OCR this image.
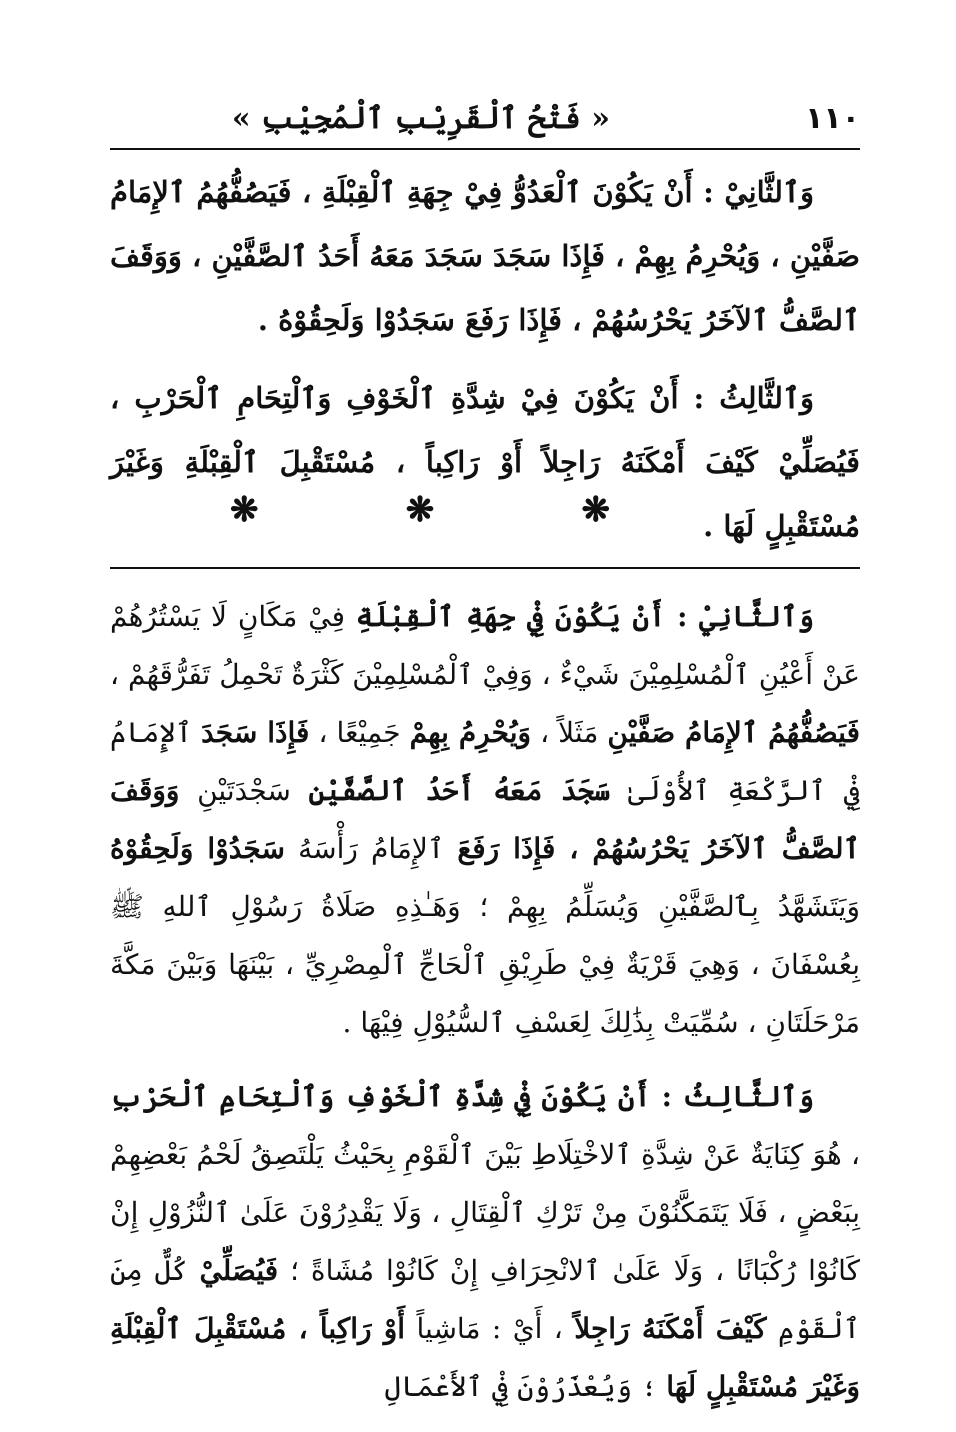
١١٠
« فَتْحُ ٱلْقَرِيْبِ ٱلْمُجِيْبِ »

وَٱلثَّانِيْ : أَنْ يَكُوْنَ ٱلْعَدُوُّ فِيْ جِهَةِ ٱلْقِبْلَةِ ، فَيَصُفُّهُمُ ٱلإِمَامُ صَفَّيْنِ ، وَيُحْرِمُ بِهِمْ ، فَإِذَا سَجَدَ سَجَدَ مَعَهُ أَحَدُ ٱلصَّفَّيْنِ ، وَوَقَفَ ٱلصَّفُّ ٱلآخَرُ يَحْرُسُهُمْ ، فَإِذَا رَفَعَ سَجَدُوْا وَلَحِقُوْهُ .

وَٱلثَّالِثُ : أَنْ يَكُوْنَ فِيْ شِدَّةِ ٱلْخَوْفِ وَٱلْتِحَامِ ٱلْحَرْبِ ، فَيُصَلِّيْ كَيْفَ أَمْكَنَهُ رَاجِلاً أَوْ رَاكِباً ، مُسْتَقْبِلَ ٱلْقِبْلَةِ وَغَيْرَ مُسْتَقْبِلٍ لَهَا .

❋	❋	❋

وَٱلثَّانِيْ : أَنْ يَكُوْنَ فِيْ جِهَةِ ٱلْقِبْلَةِ فِيْ مَكَانٍ لَا يَسْتُرُهُمْ عَنْ أَعْيُنِ ٱلْمُسْلِمِيْنَ شَيْءٌ ، وَفِيْ ٱلْمُسْلِمِيْنَ كَثْرَةٌ تَحْمِلُ تَفَرُّقَهُمْ ، فَيَصُفُّهُمُ ٱلإِمَامُ صَفَّيْنِ مَثَلاً ، وَيُحْرِمُ بِهِمْ جَمِيْعًا ، فَإِذَا سَجَدَ ٱلإِمَامُ فِيْ ٱلرَّكْعَةِ ٱلأُوْلَىٰ سَجَدَ مَعَهُ أَحَدُ ٱلصَّفَّيْنِ سَجْدَتَيْنِ وَوَقَفَ ٱلصَّفُّ ٱلآخَرُ يَحْرُسُهُمْ ، فَإِذَا رَفَعَ ٱلإِمَامُ رَأْسَهُ سَجَدُوْا وَلَحِقُوْهُ وَيَتَشَهَّدُ بِٱلصَّفَّيْنِ وَيُسَلِّمُ بِهِمْ ؛ وَهَـٰذِهِ صَلَاةُ رَسُوْلِ ٱللهِ ﷺ بِعُسْفَانَ ، وَهِيَ قَرْيَةٌ فِيْ طَرِيْقِ ٱلْحَاجِّ ٱلْمِصْرِيِّ ، بَيْنَهَا وَبَيْنَ مَكَّةَ مَرْحَلَتَانِ ، سُمِّيَتْ بِذَٰلِكَ لِعَسْفِ ٱلسُّيُوْلِ فِيْهَا .

وَٱلثَّالِثُ : أَنْ يَكُوْنَ فِيْ شِدَّةِ ٱلْخَوْفِ وَٱلْتِحَامِ ٱلْحَرْبِ ، هُوَ كِنَايَةٌ عَنْ شِدَّةِ ٱلاخْتِلَاطِ بَيْنَ ٱلْقَوْمِ بِحَيْثُ يَلْتَصِقُ لَحْمُ بَعْضِهِمْ بِبَعْضٍ ، فَلَا يَتَمَكَّنُوْنَ مِنْ تَرْكِ ٱلْقِتَالِ ، وَلَا يَقْدِرُوْنَ عَلَىٰ ٱلنُّزُوْلِ إِنْ كَانُوْا رُكْبَانًا ، وَلَا عَلَىٰ ٱلانْحِرَافِ إِنْ كَانُوْا مُشَاةً ؛ فَيُصَلِّيْ كُلٌّ مِنَ ٱلْقَوْمِ كَيْفَ أَمْكَنَهُ رَاجِلاً ، أَيْ : مَاشِياً أَوْ رَاكِباً ، مُسْتَقْبِلَ ٱلْقِبْلَةِ وَغَيْرَ مُسْتَقْبِلٍ لَهَا ؛ وَيُعْذَرُوْنَ فِيْ ٱلأَعْمَالِ
